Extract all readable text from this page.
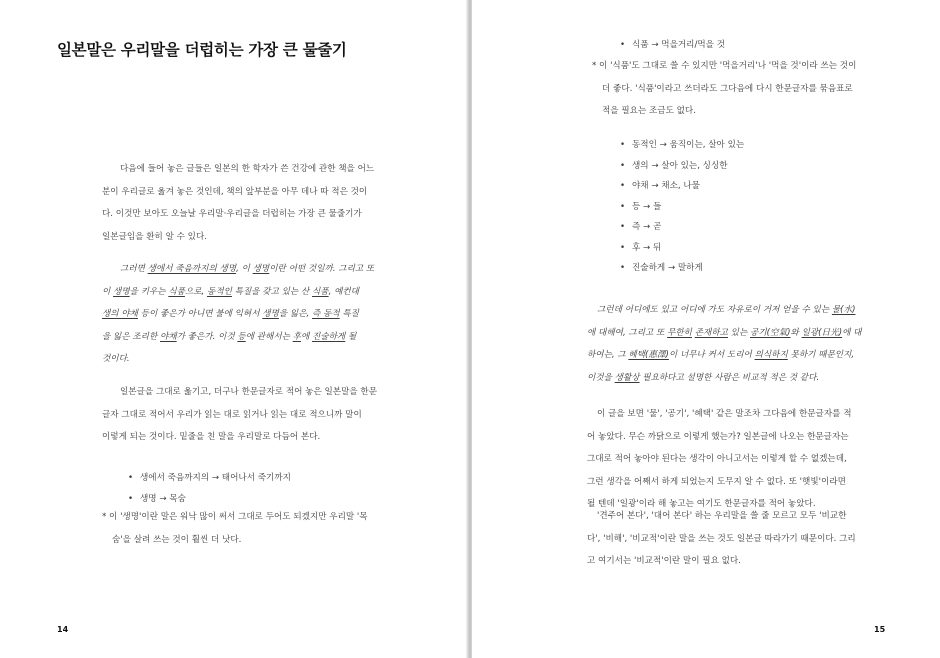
일본말은 우리말을 더럽히는 가장 큰 물줄기
다음에 들어 놓은 글들은 일본의 한 학자가 쓴 건강에 관한 책을 어느
분이 우리글로 옮겨 놓은 것인데, 책의 앞부분을 아무 데나 따 적은 것이
다. 이것만 보아도 오늘날 우리말·우리글을 더럽히는 가장 큰 물줄기가
일본글임을 환히 알 수 있다.
그러면 생에서 죽음까지의 생명, 이 생명이란 어떤 것일까. 그리고 또
이 생명을 키우는 식품으로, 동적인 특질을 갖고 있는 산 식품, 예컨대
생의 야채 등이 좋은가 아니면 불에 익혀서 생명을 잃은, 즉 동적 특질
을 잃은 조리한 야채가 좋은가. 이것 등에 관해서는 후에 진술하게 될
것이다.
일본글을 그대로 옮기고, 더구나 한문글자로 적어 놓은 일본말을 한문
글자 그대로 적어서 우리가 읽는 대로 읽거나 읽는 대로 적으니까 말이
이렇게 되는 것이다. 밑줄을 친 말을 우리말로 다듬어 본다.
• 생에서 죽음까지의 → 태어나서 죽기까지
• 생명 → 목숨
* 이 '생명'이란 말은 워낙 많이 써서 그대로 두어도 되겠지만 우리말 '목
숨'을 살려 쓰는 것이 훨씬 더 낫다.
14
• 식품 → 먹을거리/먹을 것
* 이 '식품'도 그대로 쓸 수 있지만 '먹을거리'나 '먹을 것'이라 쓰는 것이
더 좋다. '식품'이라고 쓰더라도 그다음에 다시 한문글자를 묶음표로
적을 필요는 조금도 없다.
• 동적인 → 움직이는, 살아 있는
• 생의 → 살아 있는, 싱싱한
• 야채 → 채소, 나물
• 등 → 들
• 즉 → 곧
• 후 → 뒤
• 진술하게 → 말하게
그런데 어디에도 있고 어디에 가도 자유로이 거저 얻을 수 있는 물(水)
에 대해여, 그리고 또 무한히 존재하고 있는 공기(空氣)와 일광(日光)에 대
하여는, 그 혜택(惠澤)이 너무나 커서 도리어 의식하지 못하기 때문인지,
이것을 생활상 필요하다고 설명한 사람은 비교적 적은 것 같다.
이 글을 보면 '물', '공기', '혜택' 같은 말조차 그다음에 한문글자를 적
어 놓았다. 무슨 까닭으로 이렇게 했는가? 일본글에 나오는 한문글자는
그대로 적어 놓아야 된다는 생각이 아니고서는 이렇게 할 수 없겠는데,
그런 생각을 어째서 하게 되었는지 도무지 알 수 없다. 또 '햇빛'이라면
될 텐데 '일광'이라 해 놓고는 여기도 한문글자를 적어 놓았다.
'견주어 본다', '대어 본다' 하는 우리말을 쓸 줄 모르고 모두 '비교한
다', '비해', '비교적'이란 말을 쓰는 것도 일본글 따라가기 때문이다. 그리
고 여기서는 '비교적'이란 말이 필요 없다.
15
